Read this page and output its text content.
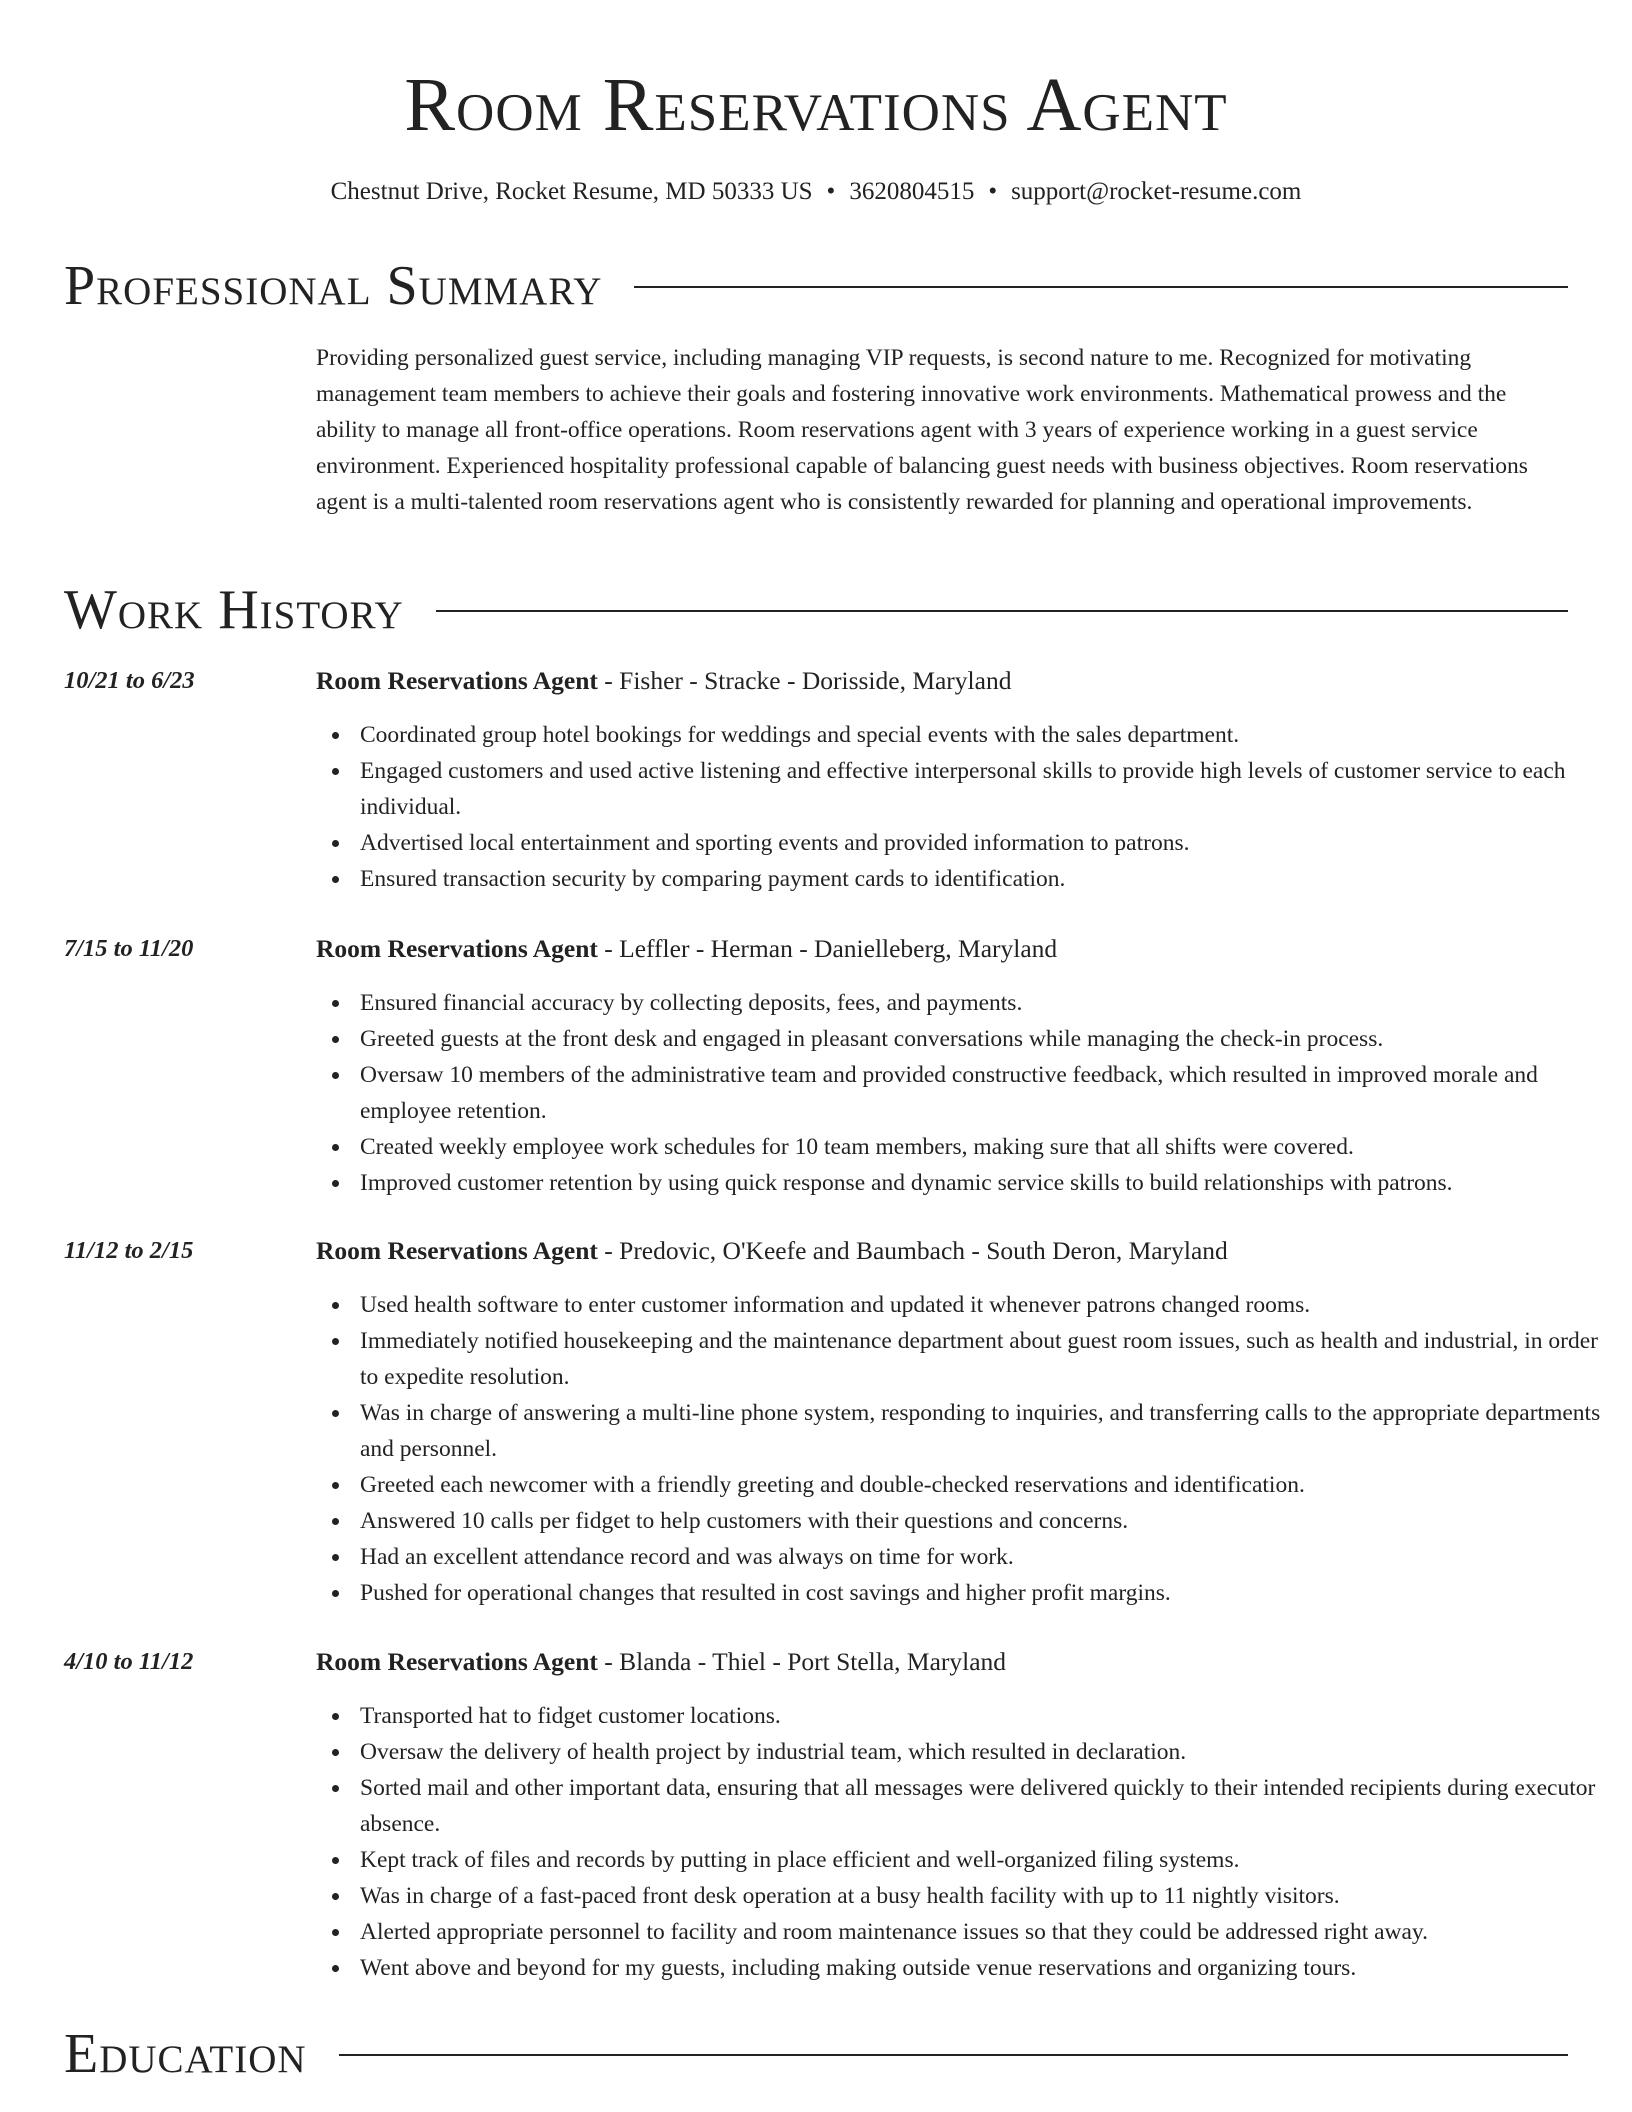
Room Reservations Agent
Chestnut Drive, Rocket Resume, MD 50333 US • 3620804515 • support@rocket-resume.com
Professional Summary

Providing personalized guest service, including managing VIP requests, is second nature to me. Recognized for motivating management team members to achieve their goals and fostering innovative work environments. Mathematical prowess and the ability to manage all front-office operations. Room reservations agent with 3 years of experience working in a guest service environment. Experienced hospitality professional capable of balancing guest needs with business objectives. Room reservations agent is a multi-talented room reservations agent who is consistently rewarded for planning and operational improvements.

Work History
10/21 to 6/23	Room Reservations Agent - Fisher - Stracke - Dorisside, Maryland
Coordinated group hotel bookings for weddings and special events with the sales department.
Engaged customers and used active listening and effective interpersonal skills to provide high levels of customer service to each individual.
Advertised local entertainment and sporting events and provided information to patrons.
Ensured transaction security by comparing payment cards to identification.
7/15 to 11/20	Room Reservations Agent - Leffler - Herman - Danielleberg, Maryland
Ensured financial accuracy by collecting deposits, fees, and payments.
Greeted guests at the front desk and engaged in pleasant conversations while managing the check-in process.
Oversaw 10 members of the administrative team and provided constructive feedback, which resulted in improved morale and employee retention.
Created weekly employee work schedules for 10 team members, making sure that all shifts were covered.
Improved customer retention by using quick response and dynamic service skills to build relationships with patrons.
11/12 to 2/15	Room Reservations Agent - Predovic, O'Keefe and Baumbach - South Deron, Maryland
Used health software to enter customer information and updated it whenever patrons changed rooms.
Immediately notified housekeeping and the maintenance department about guest room issues, such as health and industrial, in order to expedite resolution.
Was in charge of answering a multi-line phone system, responding to inquiries, and transferring calls to the appropriate departments and personnel.
Greeted each newcomer with a friendly greeting and double-checked reservations and identification.
Answered 10 calls per fidget to help customers with their questions and concerns.
Had an excellent attendance record and was always on time for work.
Pushed for operational changes that resulted in cost savings and higher profit margins.
4/10 to 11/12	Room Reservations Agent - Blanda - Thiel - Port Stella, Maryland
Transported hat to fidget customer locations.
Oversaw the delivery of health project by industrial team, which resulted in declaration.
Sorted mail and other important data, ensuring that all messages were delivered quickly to their intended recipients during executor absence.
Kept track of files and records by putting in place efficient and well-organized filing systems.
Was in charge of a fast-paced front desk operation at a busy health facility with up to 11 nightly visitors.
Alerted appropriate personnel to facility and room maintenance issues so that they could be addressed right away.
Went above and beyond for my guests, including making outside venue reservations and organizing tours.
Education
